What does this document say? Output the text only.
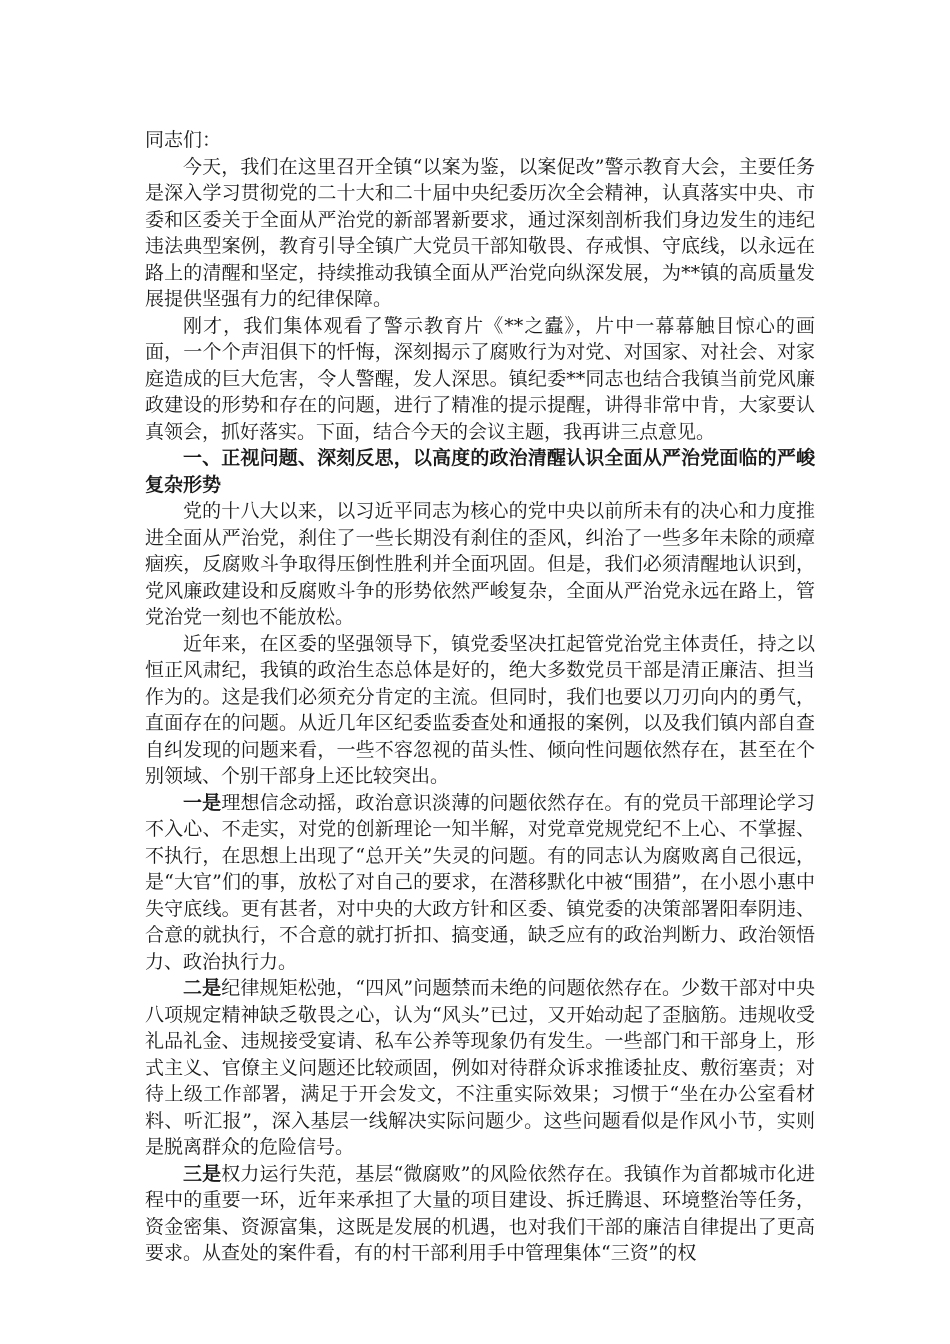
同志们：

今天，我们在这里召开全镇“以案为鉴，以案促改”警示教育大会，主要任务是深入学习贯彻党的二十大和二十届中央纪委历次全会精神，认真落实中央、市委和区委关于全面从严治党的新部署新要求，通过深刻剖析我们身边发生的违纪违法典型案例，教育引导全镇广大党员干部知敬畏、存戒惧、守底线，以永远在路上的清醒和坚定，持续推动我镇全面从严治党向纵深发展，为**镇的高质量发展提供坚强有力的纪律保障。

刚才，我们集体观看了警示教育片《**之蠹》，片中一幕幕触目惊心的画面，一个个声泪俱下的忏悔，深刻揭示了腐败行为对党、对国家、对社会、对家庭造成的巨大危害，令人警醒，发人深思。镇纪委**同志也结合我镇当前党风廉政建设的形势和存在的问题，进行了精准的提示提醒，讲得非常中肯，大家要认真领会，抓好落实。下面，结合今天的会议主题，我再讲三点意见。

一、正视问题、深刻反思，以高度的政治清醒认识全面从严治党面临的严峻复杂形势

党的十八大以来，以习近平同志为核心的党中央以前所未有的决心和力度推进全面从严治党，刹住了一些长期没有刹住的歪风，纠治了一些多年未除的顽瘴痼疾，反腐败斗争取得压倒性胜利并全面巩固。但是，我们必须清醒地认识到，党风廉政建设和反腐败斗争的形势依然严峻复杂，全面从严治党永远在路上，管党治党一刻也不能放松。

近年来，在区委的坚强领导下，镇党委坚决扛起管党治党主体责任，持之以恒正风肃纪，我镇的政治生态总体是好的，绝大多数党员干部是清正廉洁、担当作为的。这是我们必须充分肯定的主流。但同时，我们也要以刀刃向内的勇气，直面存在的问题。从近几年区纪委监委查处和通报的案例，以及我们镇内部自查自纠发现的问题来看，一些不容忽视的苗头性、倾向性问题依然存在，甚至在个别领域、个别干部身上还比较突出。

一是理想信念动摇，政治意识淡薄的问题依然存在。有的党员干部理论学习不入心、不走实，对党的创新理论一知半解，对党章党规党纪不上心、不掌握、不执行，在思想上出现了“总开关”失灵的问题。有的同志认为腐败离自己很远，是“大官”们的事，放松了对自己的要求，在潜移默化中被“围猎”，在小恩小惠中失守底线。更有甚者，对中央的大政方针和区委、镇党委的决策部署阳奉阴违、合意的就执行，不合意的就打折扣、搞变通，缺乏应有的政治判断力、政治领悟力、政治执行力。

二是纪律规矩松弛，“四风”问题禁而未绝的问题依然存在。少数干部对中央八项规定精神缺乏敬畏之心，认为“风头”已过，又开始动起了歪脑筋。违规收受礼品礼金、违规接受宴请、私车公养等现象仍有发生。一些部门和干部身上，形式主义、官僚主义问题还比较顽固，例如对待群众诉求推诿扯皮、敷衍塞责；对待上级工作部署，满足于开会发文，不注重实际效果；习惯于“坐在办公室看材料、听汇报”，深入基层一线解决实际问题少。这些问题看似是作风小节，实则是脱离群众的危险信号。

三是权力运行失范，基层“微腐败”的风险依然存在。我镇作为首都城市化进程中的重要一环，近年来承担了大量的项目建设、拆迁腾退、环境整治等任务，资金密集、资源富集，这既是发展的机遇，也对我们干部的廉洁自律提出了更高要求。从查处的案件看，有的村干部利用手中管理集体“三资”的权
